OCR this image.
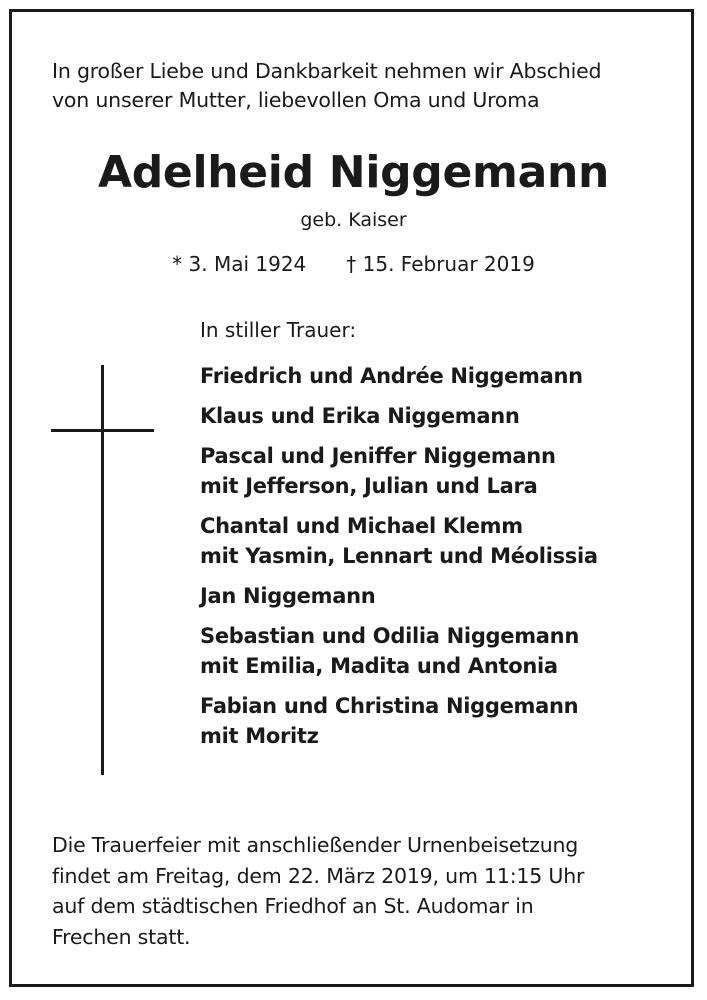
In großer Liebe und Dankbarkeit nehmen wir Abschied
von unserer Mutter, liebevollen Oma und Uroma
Adelheid Niggemann
geb. Kaiser
* 3. Mai 1924 † 15. Februar 2019
In stiller Trauer:
Friedrich und Andrée Niggemann
Klaus und Erika Niggemann
Pascal und Jeniffer Niggemann
mit Jefferson, Julian und Lara
Chantal und Michael Klemm
mit Yasmin, Lennart und Méolissia
Jan Niggemann
Sebastian und Odilia Niggemann
mit Emilia, Madita und Antonia
Fabian und Christina Niggemann
mit Moritz
Die Trauerfeier mit anschließender Urnenbeisetzung
findet am Freitag, dem 22. März 2019, um 11:15 Uhr
auf dem städtischen Friedhof an St. Audomar in
Frechen statt.
